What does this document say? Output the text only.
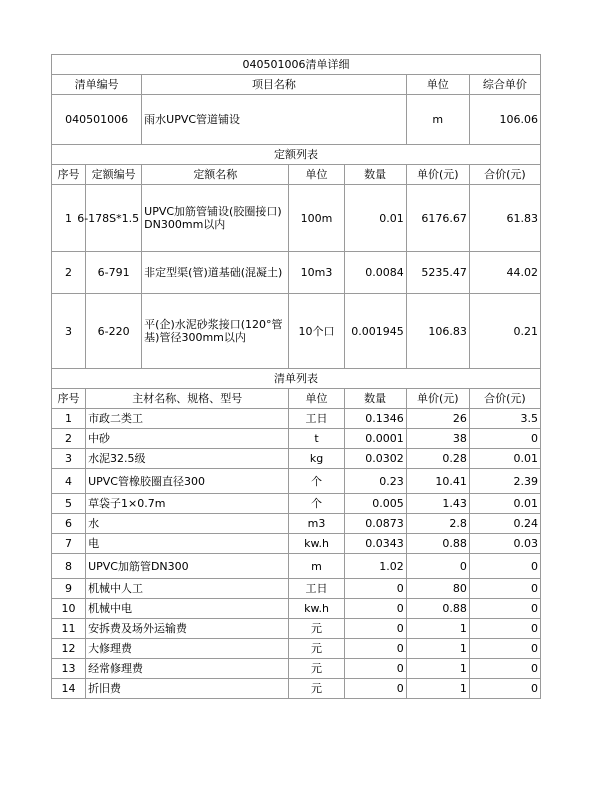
040501006清单详细						
清单编号		项目名称			单位	综合单价
040501006		雨水UPVC管道铺设			m	106.06
定额列表						
序号	定额编号	定额名称	单位	数量	单价(元)	合价(元)
1	6-178S*1.5	UPVC加筋管铺设(胶圈接口)DN300mm以内	100m	0.01	6176.67	61.83
2	6-791	非定型渠(管)道基础(混凝土)	10m3	0.0084	5235.47	44.02
3	6-220	平(企)水泥砂浆接口(120°管基)管径300mm以内	10个口	0.001945	106.83	0.21
清单列表						
序号	主材名称、规格、型号		单位	数量	单价(元)	合价(元)
1	市政二类工		工日	0.1346	26	3.5
2	中砂		t	0.0001	38	0
3	水泥32.5级		kg	0.0302	0.28	0.01
4	UPVC管橡胶圈直径300		个	0.23	10.41	2.39
5	草袋子1×0.7m		个	0.005	1.43	0.01
6	水		m3	0.0873	2.8	0.24
7	电		kw.h	0.0343	0.88	0.03
8	UPVC加筋管DN300		m	1.02	0	0
9	机械中人工		工日	0	80	0
10	机械中电		kw.h	0	0.88	0
11	安拆费及场外运输费		元	0	1	0
12	大修理费		元	0	1	0
13	经常修理费		元	0	1	0
14	折旧费		元	0	1	0
